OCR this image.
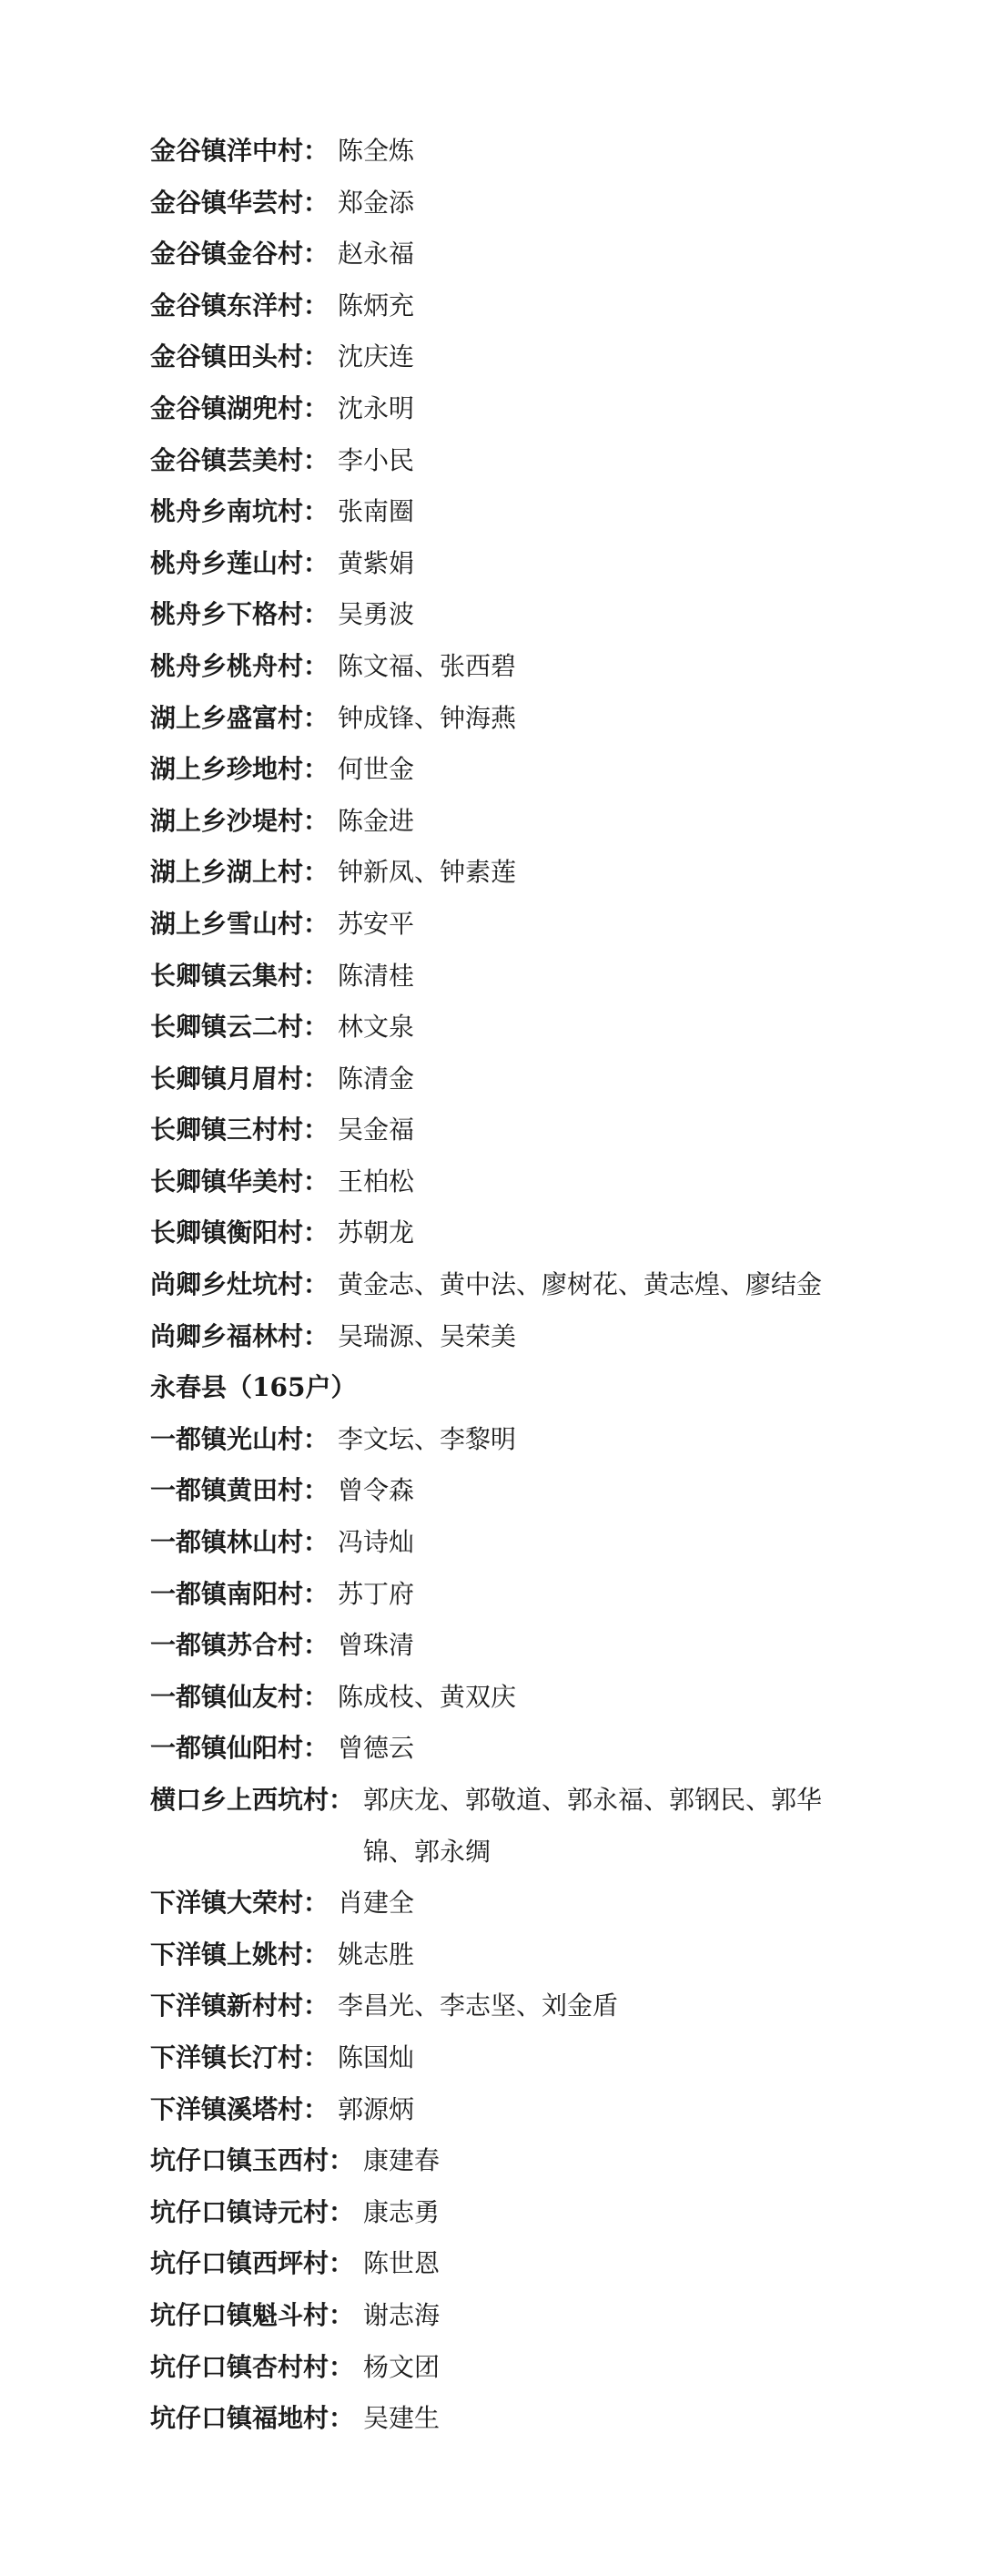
金谷镇洋中村 ： 陈全炼
金谷镇华芸村 ： 郑金添
金谷镇金谷村 ： 赵永福
金谷镇东洋村 ： 陈炳充
金谷镇田头村 ： 沈庆连
金谷镇湖兜村 ： 沈永明
金谷镇芸美村 ： 李小民
桃舟乡南坑村 ： 张南圈
桃舟乡莲山村 ： 黄紫娟
桃舟乡下格村 ： 吴勇波
桃舟乡桃舟村 ： 陈文福、张西碧
湖上乡盛富村 ： 钟成锋、钟海燕
湖上乡珍地村 ： 何世金
湖上乡沙堤村 ： 陈金进
湖上乡湖上村 ： 钟新凤、钟素莲
湖上乡雪山村 ： 苏安平
长卿镇云集村 ： 陈清桂
长卿镇云二村 ： 林文泉
长卿镇月眉村 ： 陈清金
长卿镇三村村 ： 吴金福
长卿镇华美村 ： 王柏松
长卿镇衡阳村 ： 苏朝龙
尚卿乡灶坑村 ： 黄金志、黄中法、廖树花、黄志煌、廖结金
尚卿乡福林村 ： 吴瑞源、吴荣美
永春县（165户）
一都镇光山村 ： 李文坛、李黎明
一都镇黄田村 ： 曾令森
一都镇林山村 ： 冯诗灿
一都镇南阳村 ： 苏丁府
一都镇苏合村 ： 曾珠清
一都镇仙友村 ： 陈成枝、黄双庆
一都镇仙阳村 ： 曾德云
横口乡上西坑村 ： 郭庆龙、郭敬道、郭永福、郭钢民、郭华锦、郭永绸
下洋镇大荣村 ： 肖建全
下洋镇上姚村 ： 姚志胜
下洋镇新村村 ： 李昌光、李志坚、刘金盾
下洋镇长汀村 ： 陈国灿
下洋镇溪塔村 ： 郭源炳
坑仔口镇玉西村 ： 康建春
坑仔口镇诗元村 ： 康志勇
坑仔口镇西坪村 ： 陈世恩
坑仔口镇魁斗村 ： 谢志海
坑仔口镇杏村村 ： 杨文团
坑仔口镇福地村 ： 吴建生
